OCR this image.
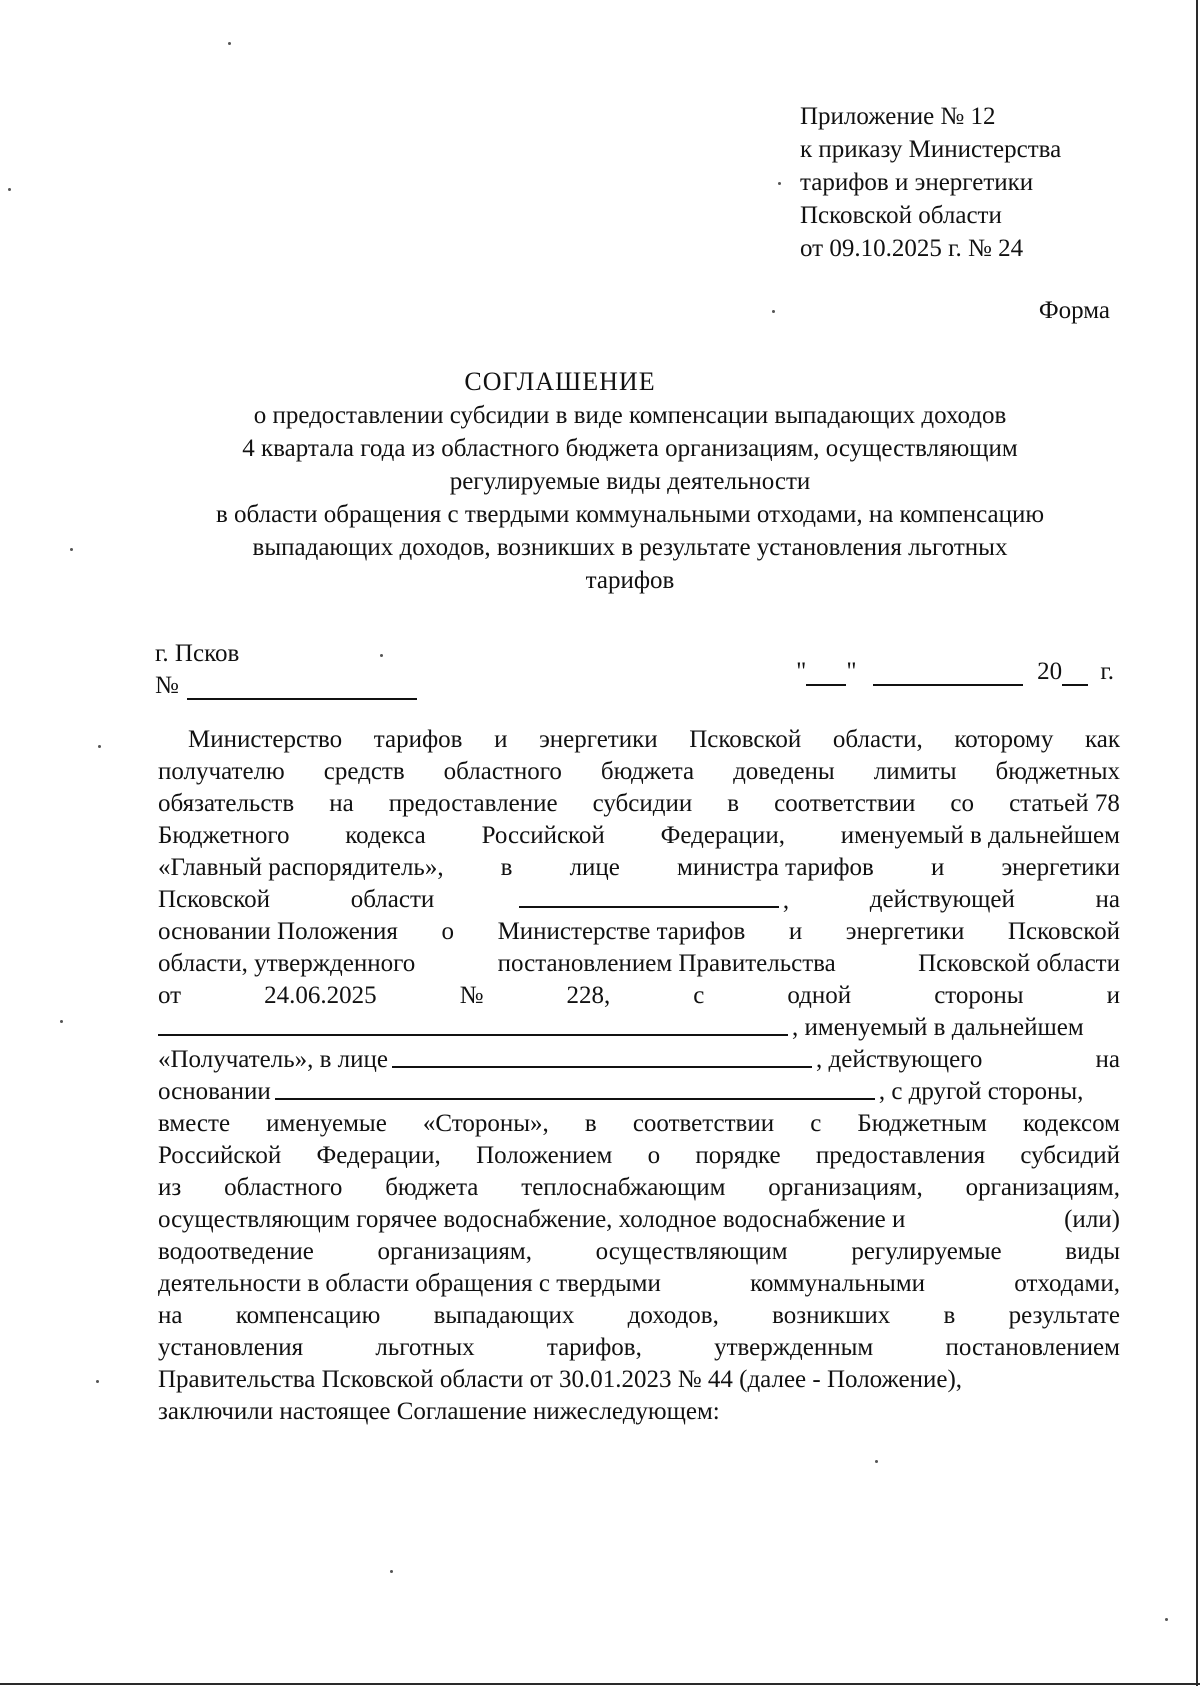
Приложение № 12
к приказу Министерства
тарифов и энергетики
Псковской области
от 09.10.2025 г. № 24
Форма
СОГЛАШЕНИЕ
о предоставлении субсидии в виде компенсации выпадающих доходов
4 квартала года из областного бюджета организациям, осуществляющим
регулируемые виды деятельности
в области обращения с твердыми коммунальными отходами, на компенсацию
выпадающих доходов, возникших в результате установления льготных
тарифов
г. Псков
№
" "	20 г.
Министерство тарифов и энергетики Псковской области, которому как
получателю средств областного бюджета доведены лимиты бюджетных
обязательств на предоставление субсидии в соответствии со статьей 78
Бюджетного кодекса Российской Федерации, именуемый в дальнейшем
«Главный распорядитель», в лице министра тарифов и энергетики
Псковской	области	,	действующей	на
основании Положения о Министерстве тарифов и энергетики Псковской
области, утвержденного	постановлением Правительства	Псковской области
от	24.06.2025	№	228,	с	одной	стороны	и
, именуемый в дальнейшем
«Получатель», в лице	, действующего	на
основании	, с другой стороны,
вместе именуемые «Стороны», в соответствии с Бюджетным кодексом
Российской Федерации, Положением о порядке предоставления субсидий
из областного бюджета теплоснабжающим организациям, организациям,
осуществляющим горячее водоснабжение, холодное водоснабжение и	(или)
водоотведение	организациям,	осуществляющим	регулируемые	виды
деятельности в области обращения с твердыми	коммунальными	отходами,
на компенсацию выпадающих доходов, возникших в результате
установления	льготных	тарифов,	утвержденным	постановлением
Правительства Псковской области от 30.01.2023 № 44 (далее - Положение),
заключили настоящее Соглашение нижеследующем:
